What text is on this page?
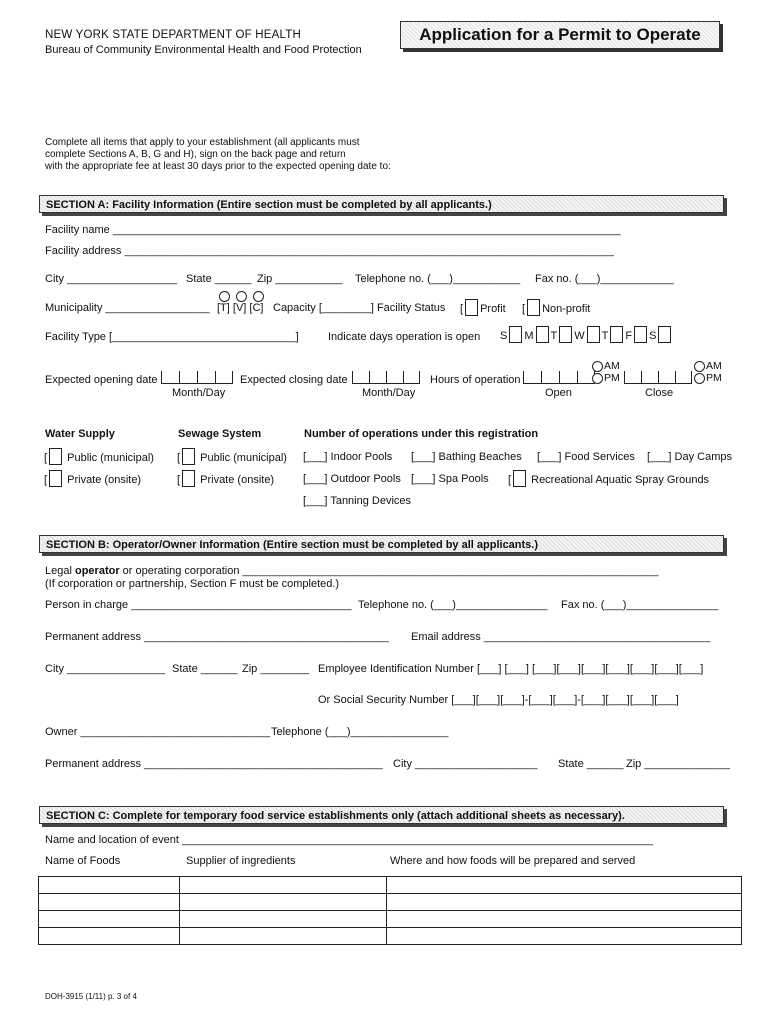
NEW YORK STATE DEPARTMENT OF HEALTH
Bureau of Community Environmental Health and Food Protection
Application for a Permit to Operate
Complete all items that apply to your establishment (all applicants must
complete Sections A, B, G and H), sign on the back page and return
with the appropriate fee at least 30 days prior to the expected opening date to:
SECTION A: Facility Information (Entire section must be completed by all applicants.)
Facility name ___________________________________________________________________________________
Facility address ________________________________________________________________________________
City __________________ State ______ Zip ___________ Telephone no. (___)___________ Fax no. (___)____________
Municipality _________________ [T] [V] [C] Capacity [________] Facility Status [ Profit [ Non-profit
Facility Type [______________________________]	Indicate days operation is open S M T W T F S
Expected opening date
Month/Day
Expected closing date
Month/Day
Hours of operation
AM
PM
Open
AM
PM
Close
Water Supply	Sewage System	Number of operations under this registration
[ Public (municipal) [ Public (municipal) [___] Indoor Pools [___] Bathing Beaches [___] Food Services [___] Day Camps
[ Private (onsite)	[ Private (onsite)	[___] Outdoor Pools [___] Spa Pools [ Recreational Aquatic Spray Grounds
[___] Tanning Devices
SECTION B: Operator/Owner Information (Entire section must be completed by all applicants.)
Legal operator or operating corporation ____________________________________________________________________
(If corporation or partnership, Section F must be completed.)
Person in charge ____________________________________ Telephone no. (___)_______________ Fax no. (___)_______________
Permanent address ________________________________________ Email address _____________________________________
City ________________ State ______ Zip ________ Employee Identification Number [___] [___] [___][___][___][___][___][___][___]
Or Social Security Number [___][___][___]-[___][___]-[___][___][___][___]
Owner _______________________________ Telephone (___)________________
Permanent address _______________________________________ City ____________________ State ______ Zip ______________
SECTION C: Complete for temporary food service establishments only (attach additional sheets as necessary).
Name and location of event _____________________________________________________________________________
Name of Foods	Supplier of ingredients	Where and how foods will be prepared and served

DOH-3915 (1/11) p. 3 of 4
